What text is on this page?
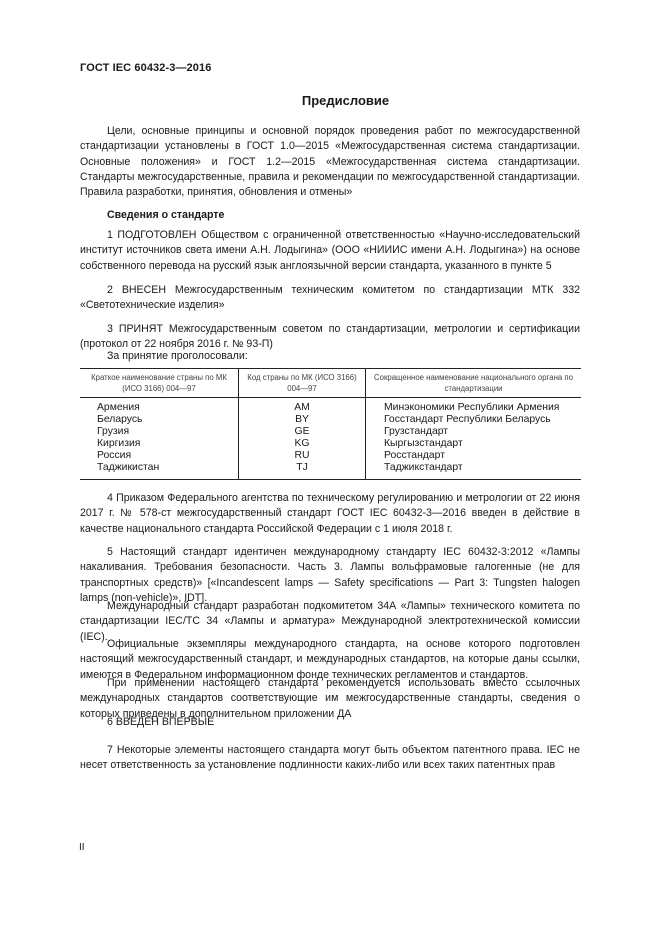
ГОСТ IEC 60432-3—2016
Предисловие
Цели, основные принципы и основной порядок проведения работ по межгосударственной стандартизации установлены в ГОСТ 1.0—2015 «Межгосударственная система стандартизации. Основные положения» и ГОСТ 1.2—2015 «Межгосударственная система стандартизации. Стандарты межгосударственные, правила и рекомендации по межгосударственной стандартизации. Правила разработки, принятия, обновления и отмены»
Сведения о стандарте
1 ПОДГОТОВЛЕН Обществом с ограниченной ответственностью «Научно-исследовательский институт источников света имени А.Н. Лодыгина» (ООО «НИИИС имени А.Н. Лодыгина») на основе собственного перевода на русский язык англоязычной версии стандарта, указанного в пункте 5
2 ВНЕСЕН Межгосударственным техническим комитетом по стандартизации МТК 332 «Светотехнические изделия»
3 ПРИНЯТ Межгосударственным советом по стандартизации, метрологии и сертификации (протокол от 22 ноября 2016 г. № 93-П)
За принятие проголосовали:
Краткое наименование страны по МК (ИСО 3166) 004—97	Код страны по МК (ИСО 3166) 004—97	Сокращенное наименование национального органа по стандартизации
Армения	AM	Минэкономики Республики Армения
Беларусь	BY	Госстандарт Республики Беларусь
Грузия	GE	Грузстандарт
Киргизия	KG	Кыргызстандарт
Россия	RU	Росстандарт
Таджикистан	TJ	Таджикстандарт
4 Приказом Федерального агентства по техническому регулированию и метрологии от 22 июня 2017 г. № 578-ст межгосударственный стандарт ГОСТ IEC 60432-3—2016 введен в действие в качестве национального стандарта Российской Федерации с 1 июля 2018 г.
5 Настоящий стандарт идентичен международному стандарту IEC 60432-3:2012 «Лампы накаливания. Требования безопасности. Часть 3. Лампы вольфрамовые галогенные (не для транспортных средств)» [«Incandescent lamps — Safety specifications — Part 3: Tungsten halogen lamps (non-vehicle)», IDT].
Международный стандарт разработан подкомитетом 34А «Лампы» технического комитета по стандартизации IEC/TC 34 «Лампы и арматура» Международной электротехнической комиссии (IEC).
Официальные экземпляры международного стандарта, на основе которого подготовлен настоящий межгосударственный стандарт, и международных стандартов, на которые даны ссылки, имеются в Федеральном информационном фонде технических регламентов и стандартов.
При применении настоящего стандарта рекомендуется использовать вместо ссылочных международных стандартов соответствующие им межгосударственные стандарты, сведения о которых приведены в дополнительном приложении ДА
6 ВВЕДЕН ВПЕРВЫЕ
7 Некоторые элементы настоящего стандарта могут быть объектом патентного права. IEC не несет ответственность за установление подлинности каких-либо или всех таких патентных прав
II
